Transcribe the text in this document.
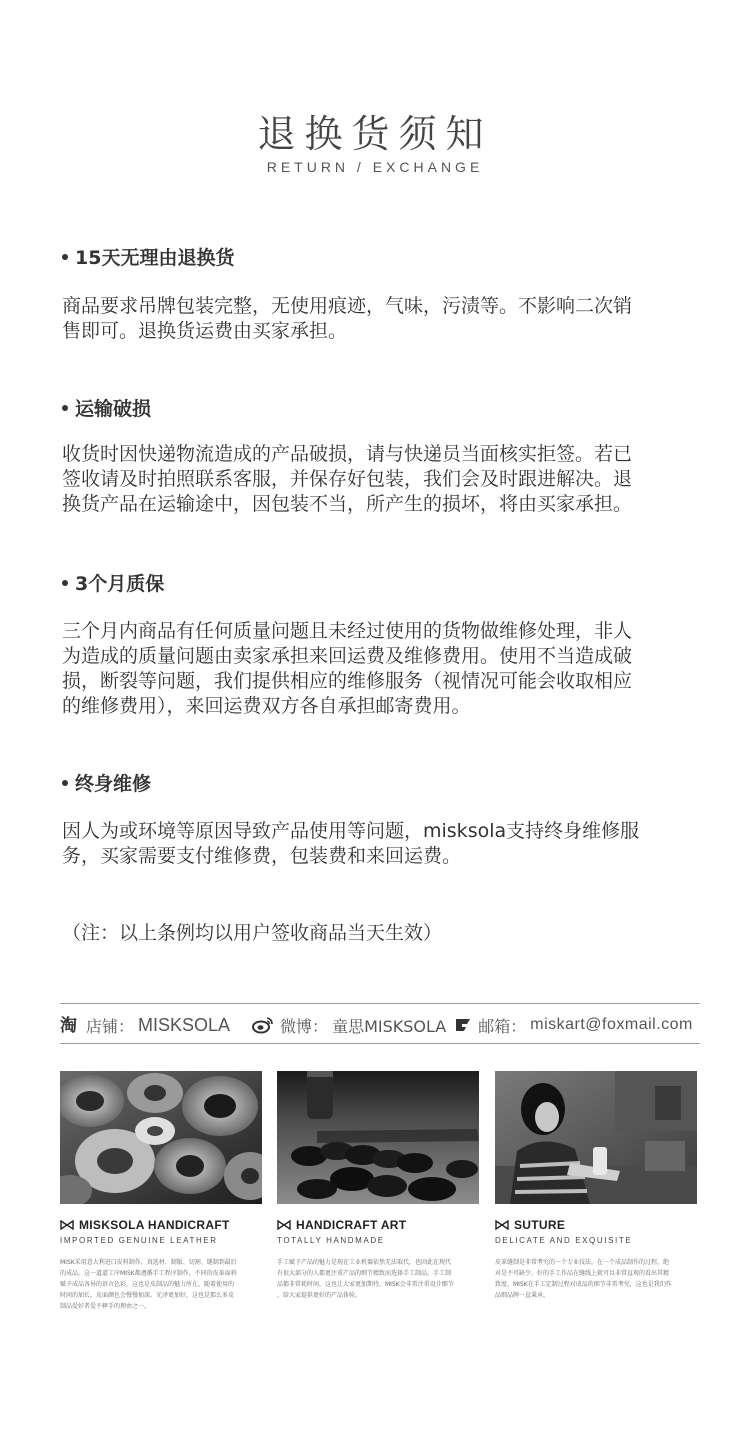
退换货须知
RETURN / EXCHANGE
15天无理由退换货
商品要求吊牌包装完整，无使用痕迹，气味，污渍等。不影响二次销
售即可。退换货运费由买家承担。
运输破损
收货时因快递物流造成的产品破损，请与快递员当面核实拒签。若已
签收请及时拍照联系客服，并保存好包装，我们会及时跟进解决。退
换货产品在运输途中，因包装不当，所产生的损坏，将由买家承担。
3个月质保
三个月内商品有任何质量问题且未经过使用的货物做维修处理，非人
为造成的质量问题由卖家承担来回运费及维修费用。使用不当造成破
损，断裂等问题，我们提供相应的维修服务（视情况可能会收取相应
的维修费用），来回运费双方各自承担邮寄费用。
终身维修
因人为或环境等原因导致产品使用等问题，misksola支持终身维修服
务，买家需要支付维修费，包装费和来回运费。
（注：以上条例均以用户签收商品当天生效）
淘 店铺： MISKSOLA	微博： 童思MISKSOLA 邮箱： miskart@foxmail.com
MISKSOLA HANDICRAFT
IMPORTED GENUINE LEATHER
MISK采用意大利进口皮料制作，真选材、制版、切割、缝制到最后
的成品，这一道道工序MISK都遵循手工程序制作，不同的皮革面料
赋予成品各异的语言色彩，这也是皮制品的魅力所在，随着使用的
时间的加长，皮面颜色会慢慢加深，光泽更加好，这也是那么多皮
制品爱好者爱不释手的理由之一。
HANDICRAFT ART
TOTALLY HANDMADE
手工赋予产品的魅力是现在工业机器依然无法取代，也因此在现代
有很大部分的人都更注重产品的细节精致而选择手工制品，手工制
品都非常耗时间，这也让大家更加期待，MISK会非常注重设计细节
，给大家提供更好的产品体验。
SUTURE
DELICATE AND EXQUISITE
皮革缝制是非常考究的一个专业技法，在一个成品制作的过程，绝
对是不可缺少，好的手工作品在缝线上就可以非常直观的看出其精
致度，MISK在手工定制过程对成品的细节非常考究，这也是我们作
品细品牌一直秉承。
